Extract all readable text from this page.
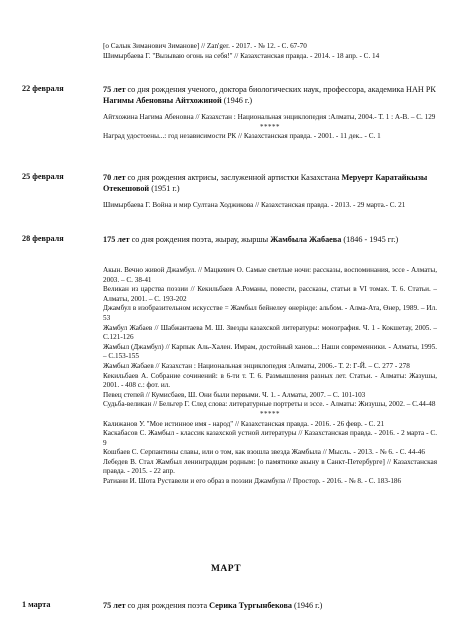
[о Салык Зиманович Зиманове] // Zan'ger. - 2017. - № 12. - С. 67-70
Шимырбаева Г. "Вызываю огонь на себя!" // Казахстанская правда. - 2014. - 18 апр. - С. 14
22 февраля	75 лет со дня рождения ученого, доктора биологических наук, профессора, академика НАН РК Нагимы Абеновны Айтхожиной (1946 г.)
Айтхожина Нагима Абеновна // Казахстан : Национальная энциклопедия :Алматы, 2004.- Т. 1 : А-В. – С. 129
*****
Наград удостоены...: год независимости РК // Казахстанская правда. - 2001. - 11 дек.. - С. 1
25 февраля	70 лет со дня рождения актрисы, заслуженной артистки Казахстана Меруерт Каратайкызы Отекешовой (1951 г.)
Шимырбаева Г. Война и мир Султана Ходжикова // Казахстанская правда. - 2013. - 29 марта.- С. 21
28 февраля	175 лет со дня рождения поэта, жырау, жыршы Жамбыла Жабаева (1846 - 1945 гг.)
Акын. Вечно живой Джамбул. // Мацкевич О. Самые светлые ночи: рассказы, воспоминания, эссе - Алматы, 2003. – С. 38-41
Великан из царства поэзии // Кекильбаев А.Романы, повести, рассказы, статьи в VI томах. Т. 6. Статьи. – Алматы, 2001. – С. 193-202
Джамбул в изобразительном искусстве = Жамбыл бейнелеу өнерінде: альбом. - Алма-Ата, Өнер, 1989. – Ил. 53
Жамбул Жабаев // Шабжантаева М. Ш. Звезды казахской литературы: монография. Ч. 1 - Кокшетау, 2005. – С.121-126
Жамбыл (Джамбул) // Карпык Аль-Хален. Имрам, достойный ханов...: Наши современники. - Алматы, 1995. – С.153-155
Жамбыл Жабаев // Казахстан : Национальная энциклопедия :Алматы, 2006.- Т. 2: Г-Й. – С. 277 - 278
Кекильбаев А. Собрание сочинений: в 6-ти т. Т. 6. Размышления разных лет. Статьи. - Алматы: Жазушы, 2001. - 408 с.: фот. ил.
Певец степей // Кумисбаев, Ш. Они были первыми. Ч. 1. - Алматы, 2007. – С. 101-103
Судьба-великан // Бельгер Г. След слова: литературные портреты и эссе. - Алматы: Жизушы, 2002. – С.44-48
*****
Калижанов У. "Мое истинное имя - народ" // Казахстанская правда. - 2016. - 26 февр. - С. 21
Каскабасов С. Жамбыл - классик казахской устной литературы // Казахстанская правда. - 2016. - 2 марта - С. 9
Кошбаев С. Серпантины славы, или о том, как взошла звезда Жамбыла // Мысль. - 2013. - № 6. - С. 44-46
Лебедев В. Стал Жамбыл ленинградцам родным: [о памятнике акыну в Санкт-Петербурге] // Казахстанская правда. - 2015. - 22 апр.
Ратиани И. Шота Руставели и его образ в поэзии Джамбула // Простор. - 2016. - № 8. - С. 183-186
МАРТ
1 марта	75 лет со дня рождения поэта Серика Тургынбекова (1946 г.)
